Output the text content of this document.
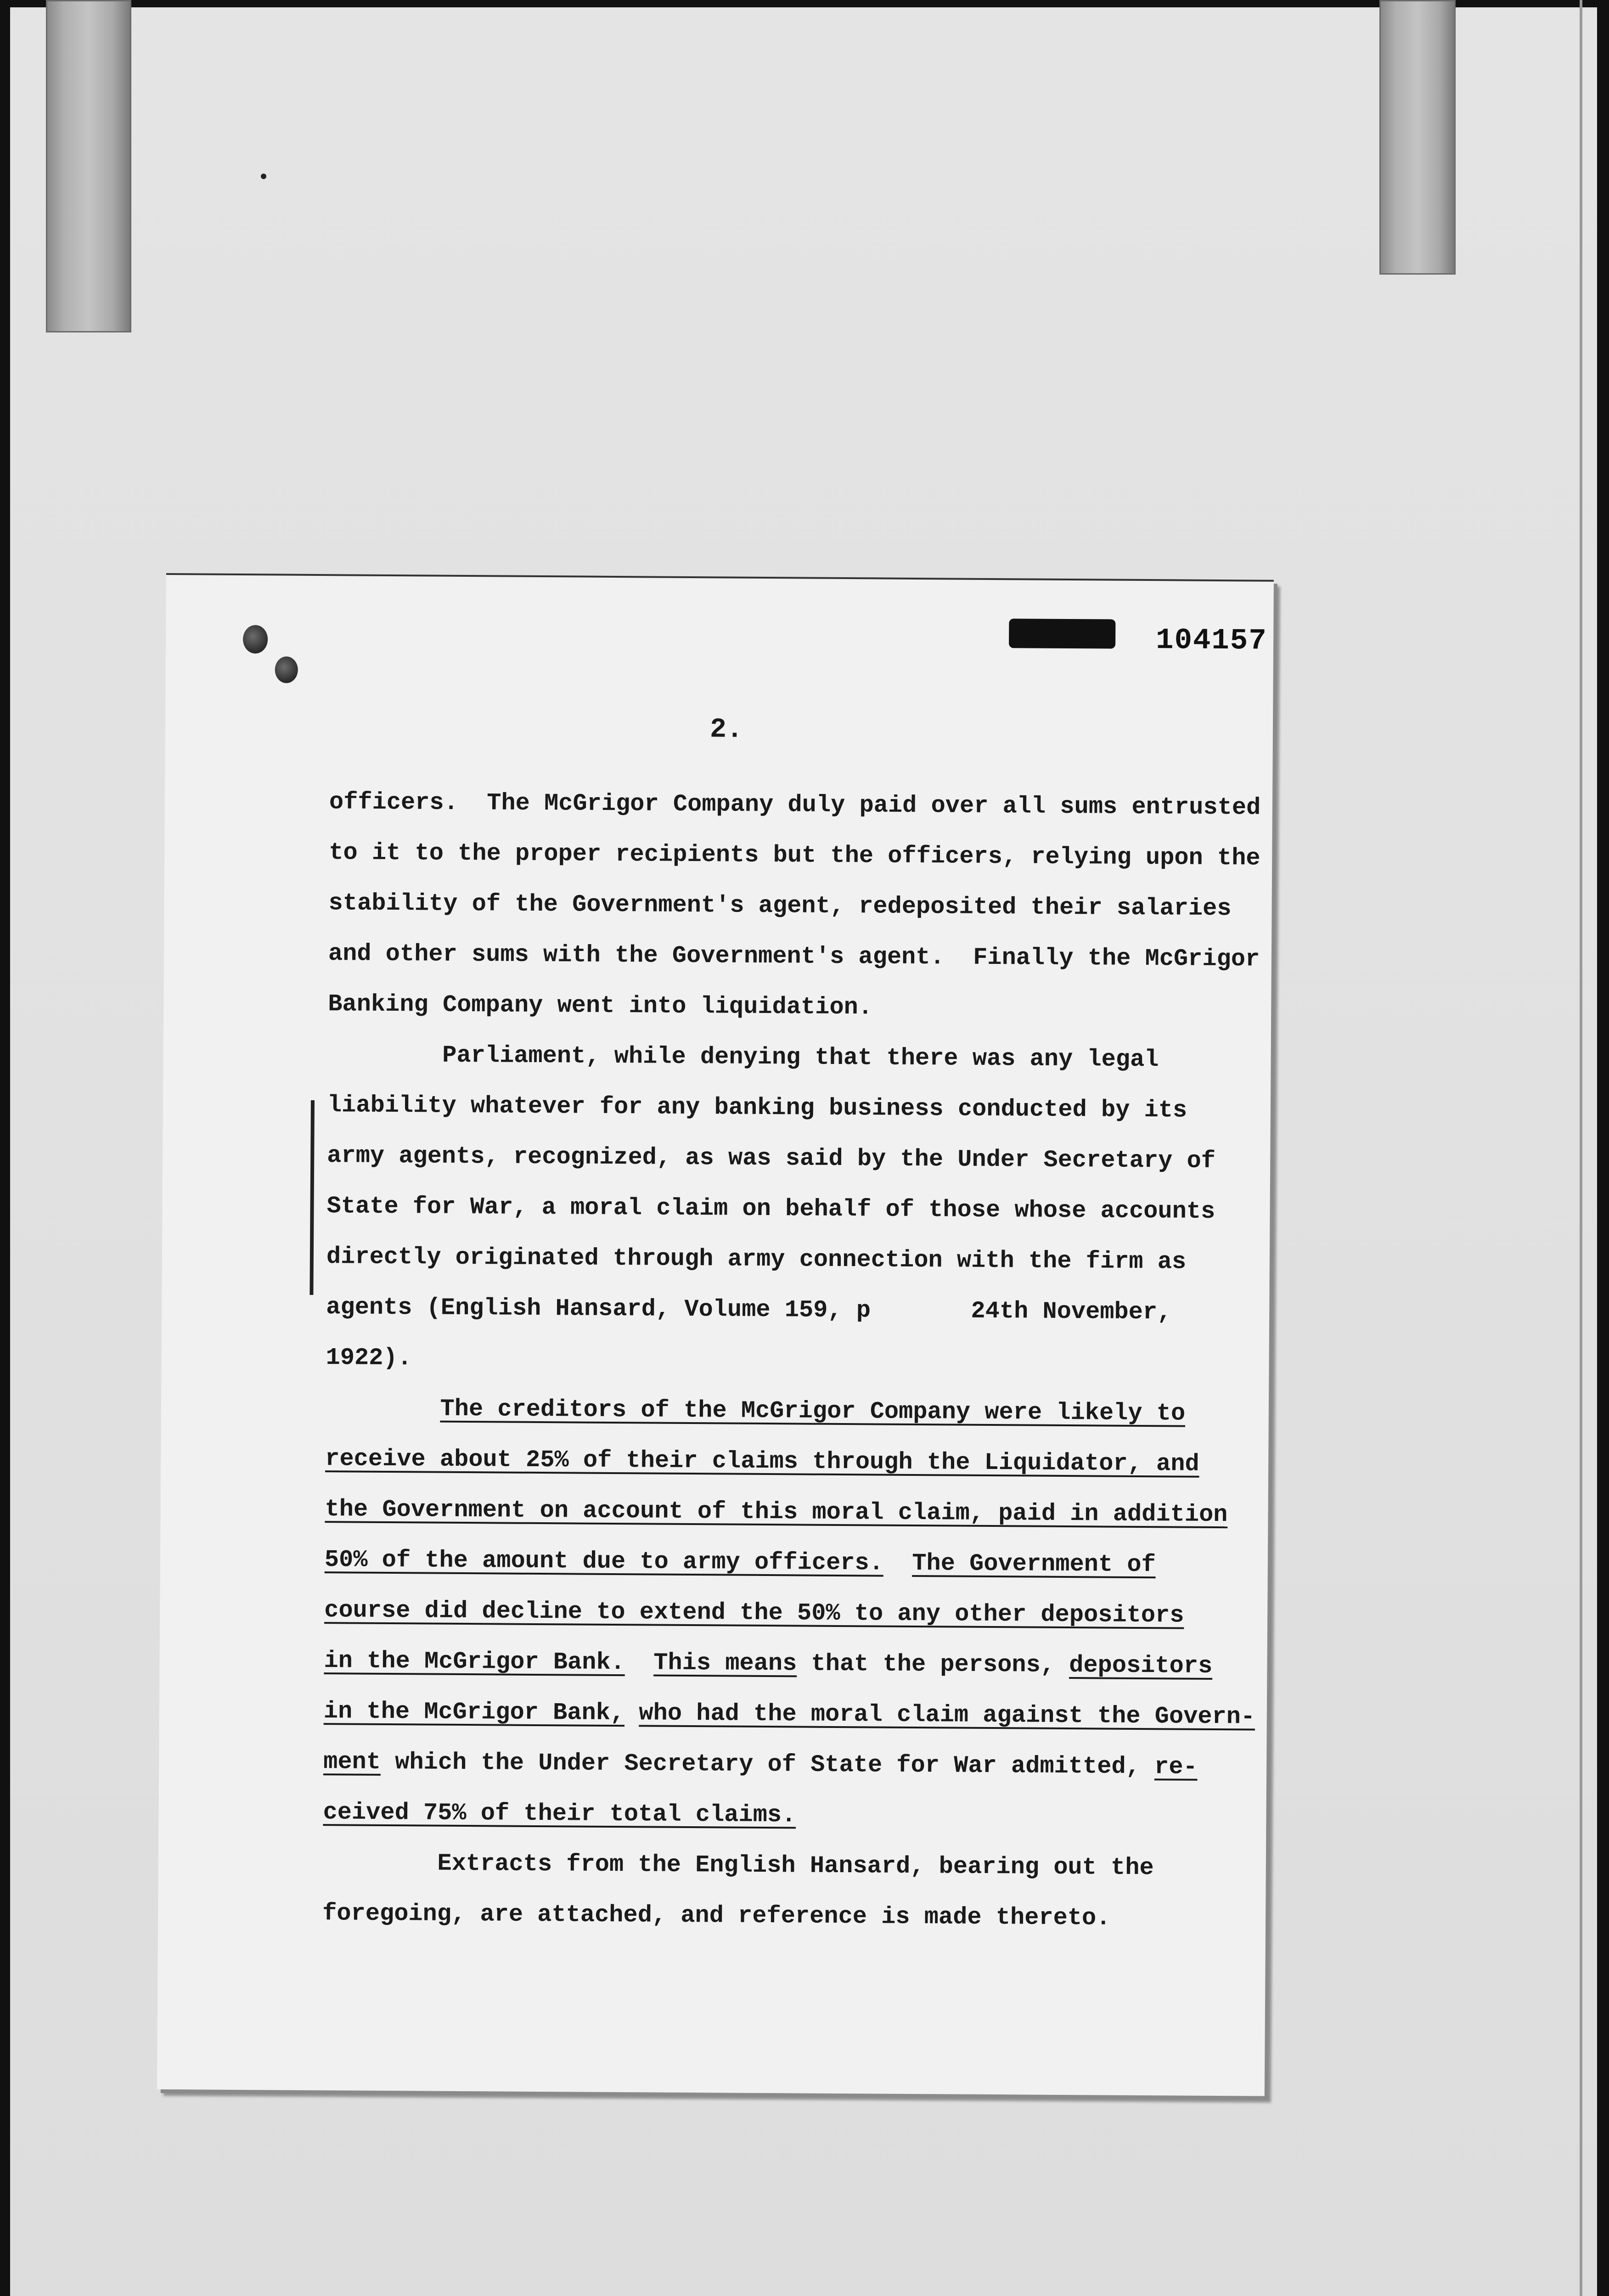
104157
2.
officers.  The McGrigor Company duly paid over all sums entrusted
to it to the proper recipients but the officers, relying upon the
stability of the Government's agent, redeposited their salaries
and other sums with the Government's agent.  Finally the McGrigor
Banking Company went into liquidation.
Parliament, while denying that there was any legal
liability whatever for any banking business conducted by its
army agents, recognized, as was said by the Under Secretary of
State for War, a moral claim on behalf of those whose accounts
directly originated through army connection with the firm as
agents (English Hansard, Volume 159, p       24th November,
1922).
The creditors of the McGrigor Company were likely to
receive about 25% of their claims through the Liquidator, and
the Government on account of this moral claim, paid in addition
50% of the amount due to army officers. The Government of
course did decline to extend the 50% to any other depositors
in the McGrigor Bank. This means that the persons, depositors
in the McGrigor Bank, who had the moral claim against the Govern-
ment which the Under Secretary of State for War admitted, re-
ceived 75% of their total claims.
Extracts from the English Hansard, bearing out the
foregoing, are attached, and reference is made thereto.
